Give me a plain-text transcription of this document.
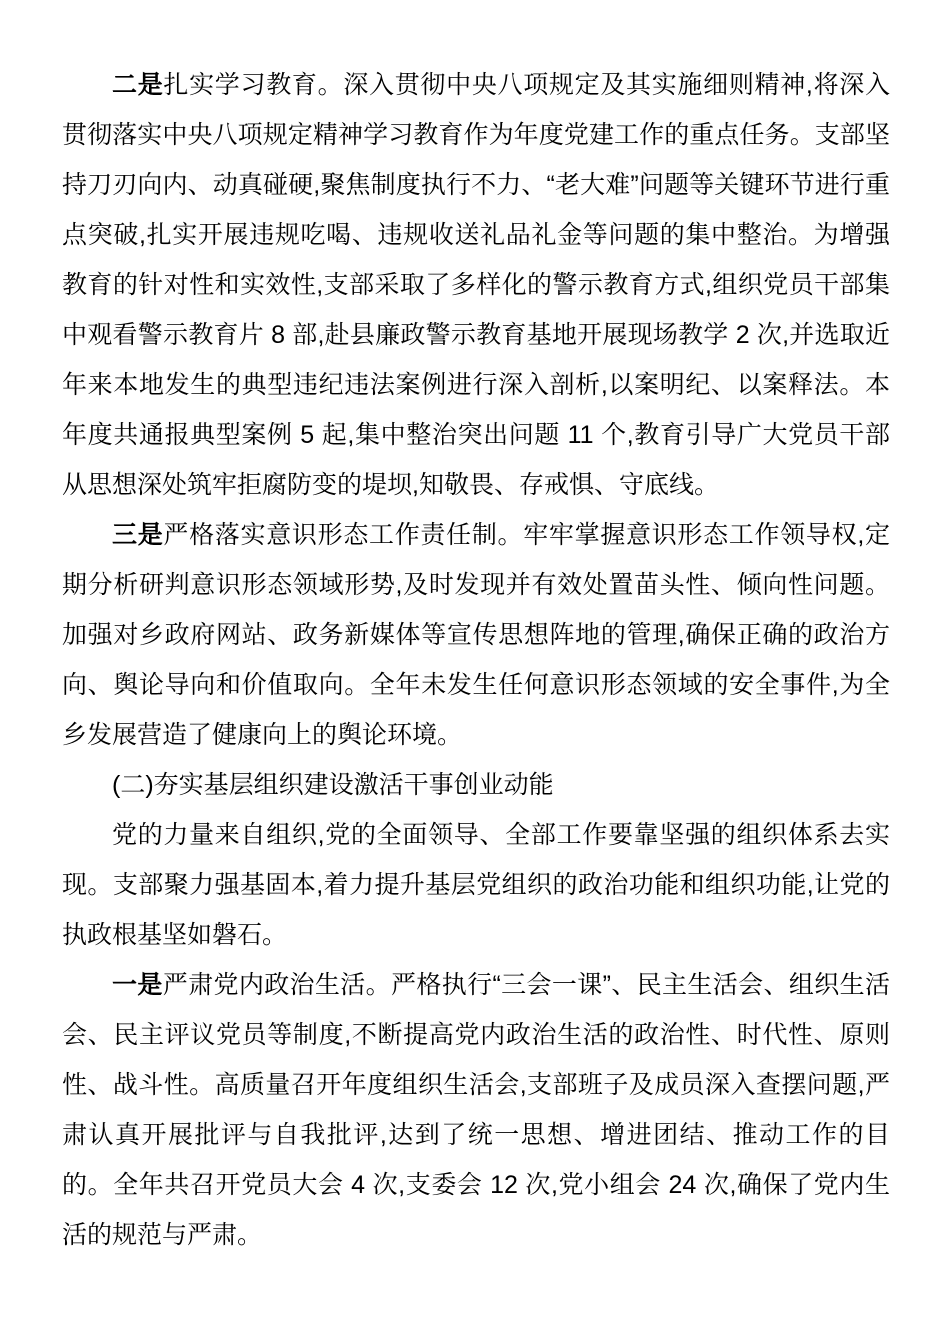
二是扎实学习教育。深入贯彻中央八项规定及其实施细则精神,将深入贯彻落实中央八项规定精神学习教育作为年度党建工作的重点任务。支部坚持刀刃向内、动真碰硬,聚焦制度执行不力、“老大难”问题等关键环节进行重点突破,扎实开展违规吃喝、违规收送礼品礼金等问题的集中整治。为增强教育的针对性和实效性,支部采取了多样化的警示教育方式,组织党员干部集中观看警示教育片 8 部,赴县廉政警示教育基地开展现场教学 2 次,并选取近年来本地发生的典型违纪违法案例进行深入剖析,以案明纪、以案释法。本年度共通报典型案例 5 起,集中整治突出问题 11 个,教育引导广大党员干部从思想深处筑牢拒腐防变的堤坝,知敬畏、存戒惧、守底线。

三是严格落实意识形态工作责任制。牢牢掌握意识形态工作领导权,定期分析研判意识形态领域形势,及时发现并有效处置苗头性、倾向性问题。加强对乡政府网站、政务新媒体等宣传思想阵地的管理,确保正确的政治方向、舆论导向和价值取向。全年未发生任何意识形态领域的安全事件,为全乡发展营造了健康向上的舆论环境。

(二)夯实基层组织建设激活干事创业动能

党的力量来自组织,党的全面领导、全部工作要靠坚强的组织体系去实现。支部聚力强基固本,着力提升基层党组织的政治功能和组织功能,让党的执政根基坚如磐石。

一是严肃党内政治生活。严格执行“三会一课”、民主生活会、组织生活会、民主评议党员等制度,不断提高党内政治生活的政治性、时代性、原则性、战斗性。高质量召开年度组织生活会,支部班子及成员深入查摆问题,严肃认真开展批评与自我批评,达到了统一思想、增进团结、推动工作的目的。全年共召开党员大会 4 次,支委会 12 次,党小组会 24 次,确保了党内生活的规范与严肃。
